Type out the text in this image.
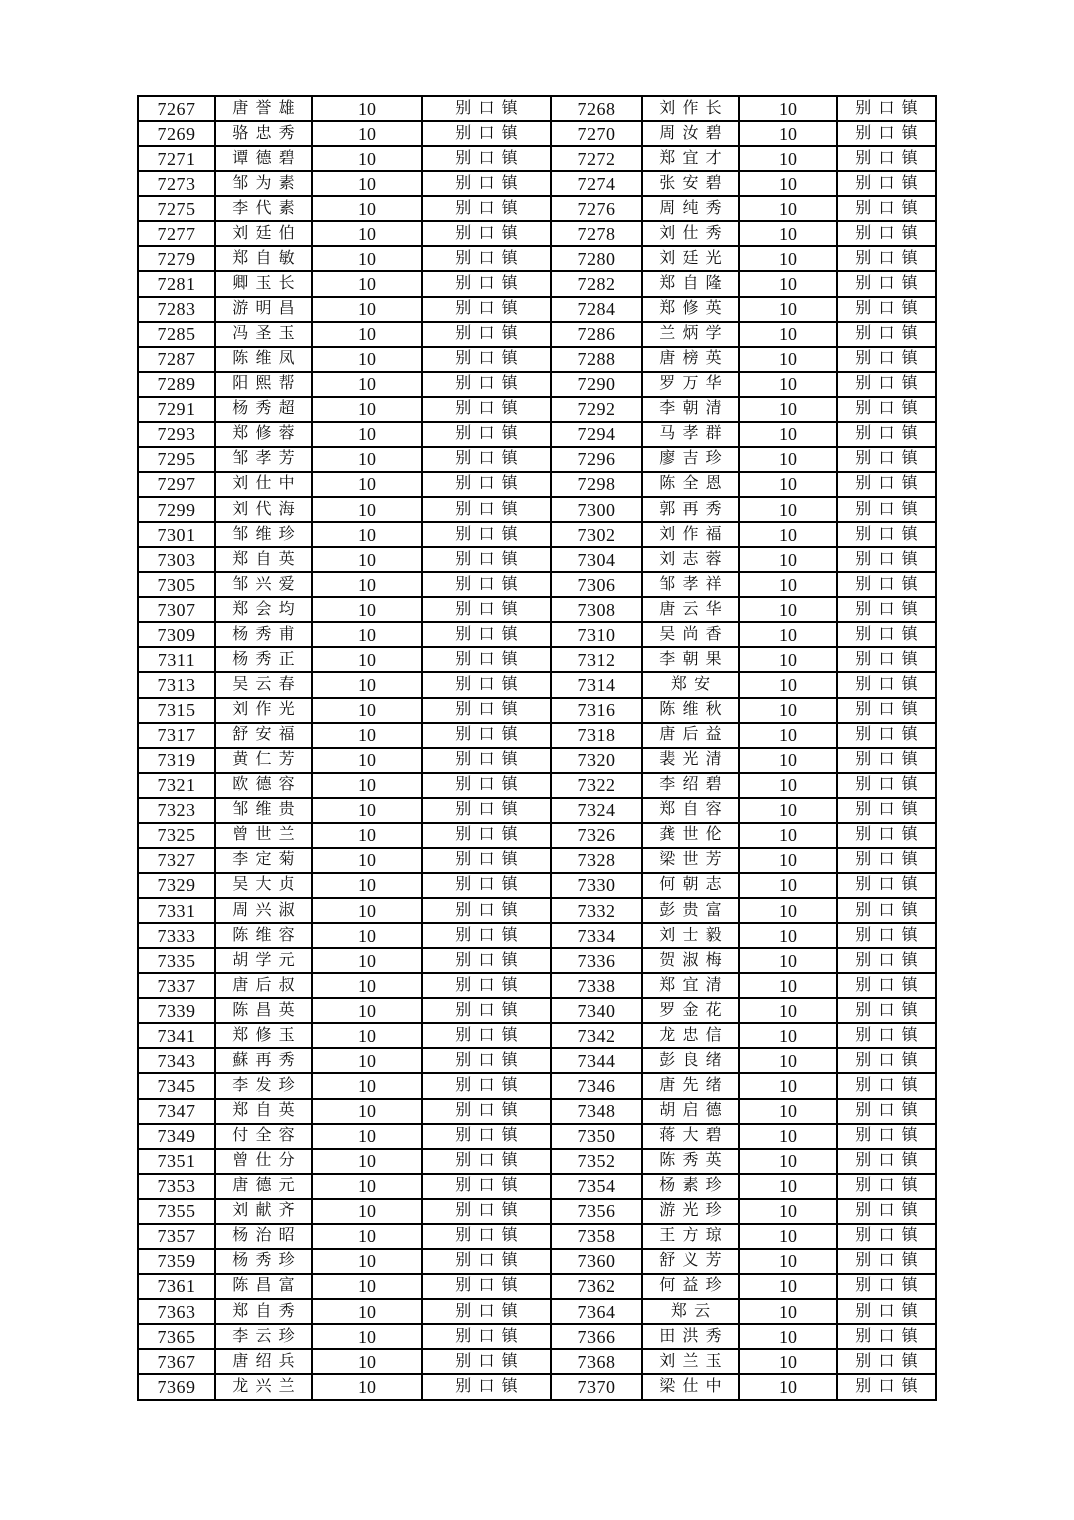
7267	唐誉雄	10	别口镇	7268	刘作长	10	别口镇
7269	骆忠秀	10	别口镇	7270	周汝碧	10	别口镇
7271	谭德碧	10	别口镇	7272	郑宜才	10	别口镇
7273	邹为素	10	别口镇	7274	张安碧	10	别口镇
7275	李代素	10	别口镇	7276	周纯秀	10	别口镇
7277	刘廷伯	10	别口镇	7278	刘仕秀	10	别口镇
7279	郑自敏	10	别口镇	7280	刘廷光	10	别口镇
7281	卿玉长	10	别口镇	7282	郑自隆	10	别口镇
7283	游明昌	10	别口镇	7284	郑修英	10	别口镇
7285	冯圣玉	10	别口镇	7286	兰炳学	10	别口镇
7287	陈维凤	10	别口镇	7288	唐榜英	10	别口镇
7289	阳熙帮	10	别口镇	7290	罗万华	10	别口镇
7291	杨秀超	10	别口镇	7292	李朝清	10	别口镇
7293	郑修蓉	10	别口镇	7294	马孝群	10	别口镇
7295	邹孝芳	10	别口镇	7296	廖吉珍	10	别口镇
7297	刘仕中	10	别口镇	7298	陈全恩	10	别口镇
7299	刘代海	10	别口镇	7300	郭再秀	10	别口镇
7301	邹维珍	10	别口镇	7302	刘作福	10	别口镇
7303	郑自英	10	别口镇	7304	刘志蓉	10	别口镇
7305	邹兴爱	10	别口镇	7306	邹孝祥	10	别口镇
7307	郑会均	10	别口镇	7308	唐云华	10	别口镇
7309	杨秀甫	10	别口镇	7310	吴尚香	10	别口镇
7311	杨秀正	10	别口镇	7312	李朝果	10	别口镇
7313	吴云春	10	别口镇	7314	郑安	10	别口镇
7315	刘作光	10	别口镇	7316	陈维秋	10	别口镇
7317	舒安福	10	别口镇	7318	唐后益	10	别口镇
7319	黄仁芳	10	别口镇	7320	裴光清	10	别口镇
7321	欧德容	10	别口镇	7322	李绍碧	10	别口镇
7323	邹维贵	10	别口镇	7324	郑自容	10	别口镇
7325	曾世兰	10	别口镇	7326	龚世伦	10	别口镇
7327	李定菊	10	别口镇	7328	梁世芳	10	别口镇
7329	吴大贞	10	别口镇	7330	何朝志	10	别口镇
7331	周兴淑	10	别口镇	7332	彭贵富	10	别口镇
7333	陈维容	10	别口镇	7334	刘士毅	10	别口镇
7335	胡学元	10	别口镇	7336	贺淑梅	10	别口镇
7337	唐后叔	10	别口镇	7338	郑宜清	10	别口镇
7339	陈昌英	10	别口镇	7340	罗金花	10	别口镇
7341	郑修玉	10	别口镇	7342	龙忠信	10	别口镇
7343	蘇再秀	10	别口镇	7344	彭良绪	10	别口镇
7345	李发珍	10	别口镇	7346	唐先绪	10	别口镇
7347	郑自英	10	别口镇	7348	胡启德	10	别口镇
7349	付全容	10	别口镇	7350	蒋大碧	10	别口镇
7351	曾仕分	10	别口镇	7352	陈秀英	10	别口镇
7353	唐德元	10	别口镇	7354	杨素珍	10	别口镇
7355	刘献齐	10	别口镇	7356	游光珍	10	别口镇
7357	杨治昭	10	别口镇	7358	王方琼	10	别口镇
7359	杨秀珍	10	别口镇	7360	舒义芳	10	别口镇
7361	陈昌富	10	别口镇	7362	何益珍	10	别口镇
7363	郑自秀	10	别口镇	7364	郑云	10	别口镇
7365	李云珍	10	别口镇	7366	田洪秀	10	别口镇
7367	唐绍兵	10	别口镇	7368	刘兰玉	10	别口镇
7369	龙兴兰	10	别口镇	7370	梁仕中	10	别口镇
